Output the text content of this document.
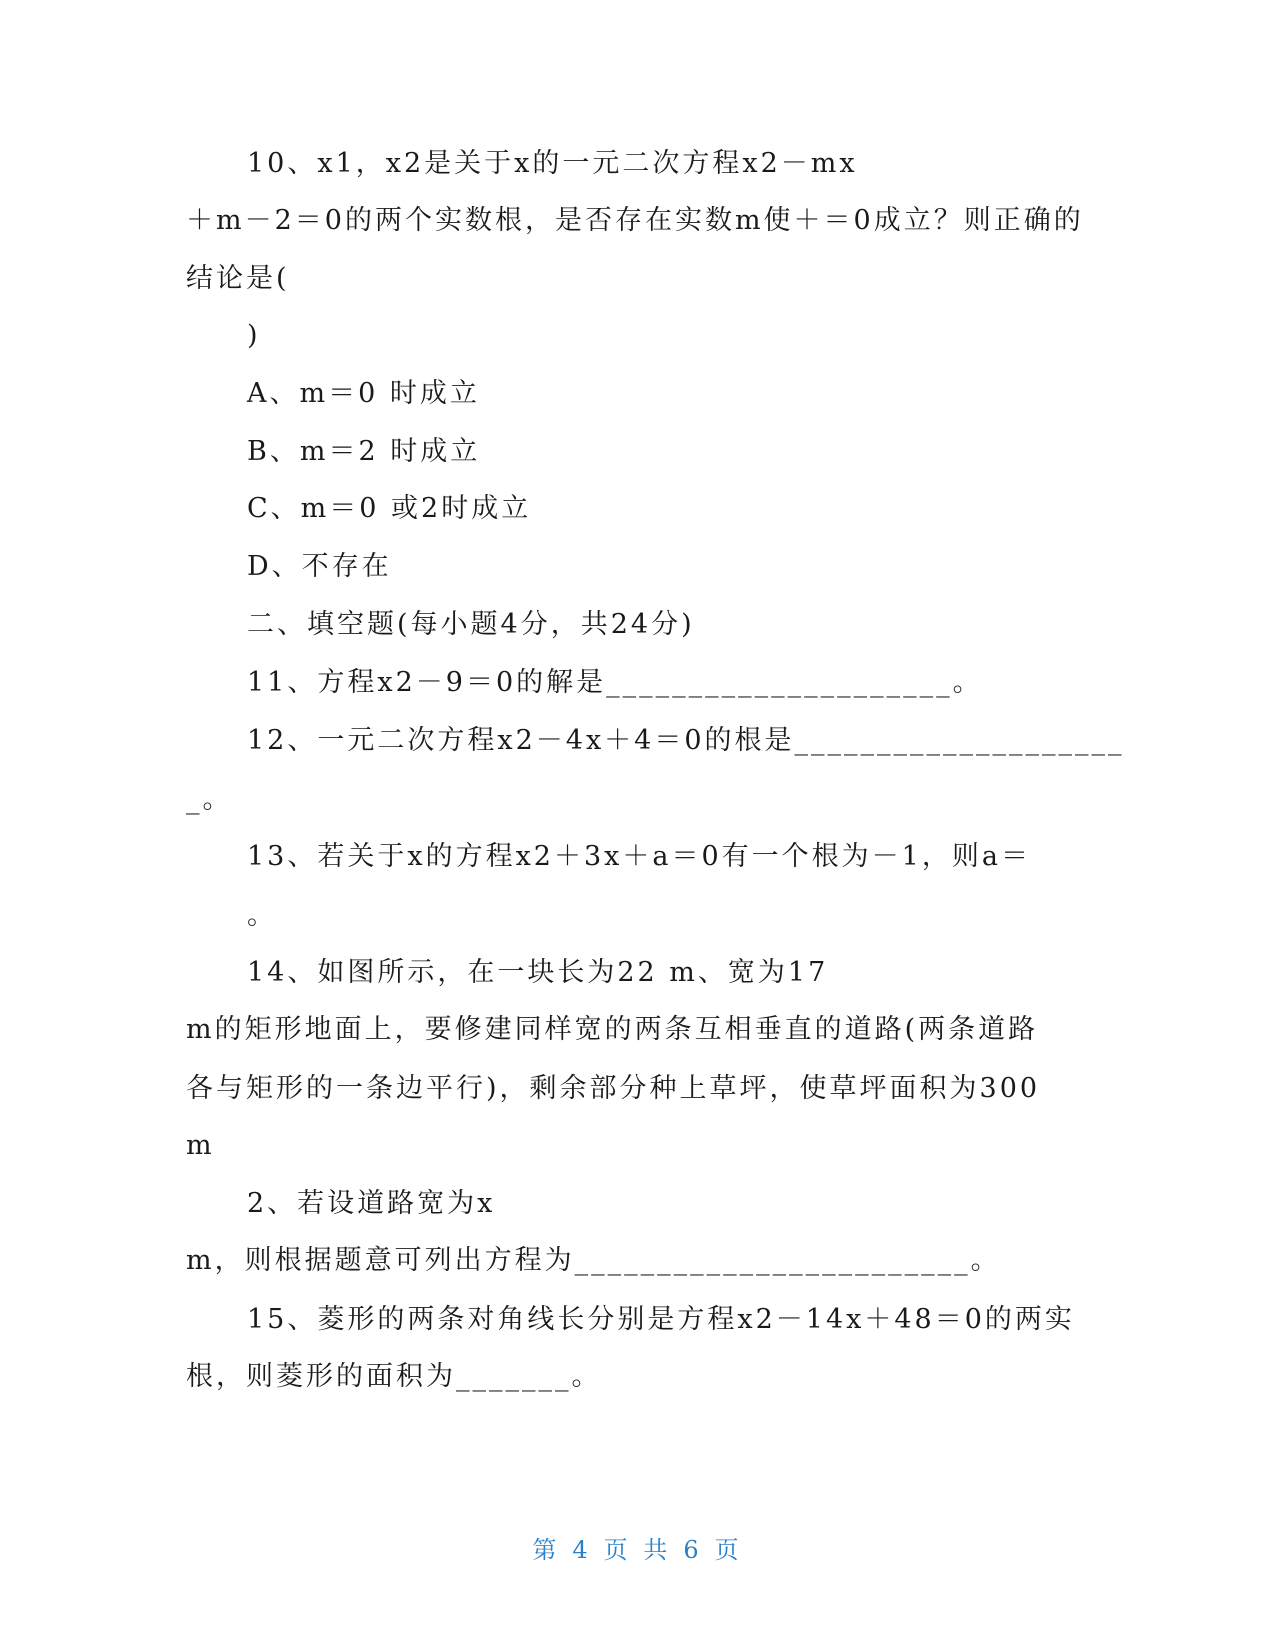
10、x1，x2是关于x的一元二次方程x2－mx
＋m－2＝0的两个实数根，是否存在实数m使＋＝0成立？则正确的
结论是(
)
A、m＝0 时成立
B、m＝2 时成立
C、m＝0 或2时成立
D、不存在
二、填空题(每小题4分，共24分)
11、方程x2－9＝0的解是_____________________。
12、一元二次方程x2－4x＋4＝0的根是____________________
_。
13、若关于x的方程x2＋3x＋a＝0有一个根为－1，则a＝
。
14、如图所示，在一块长为22 m、宽为17
m的矩形地面上，要修建同样宽的两条互相垂直的道路(两条道路
各与矩形的一条边平行)，剩余部分种上草坪，使草坪面积为300
m
2、若设道路宽为x
m，则根据题意可列出方程为________________________。
15、菱形的两条对角线长分别是方程x2－14x＋48＝0的两实
根，则菱形的面积为_______。
第 4 页 共 6 页
